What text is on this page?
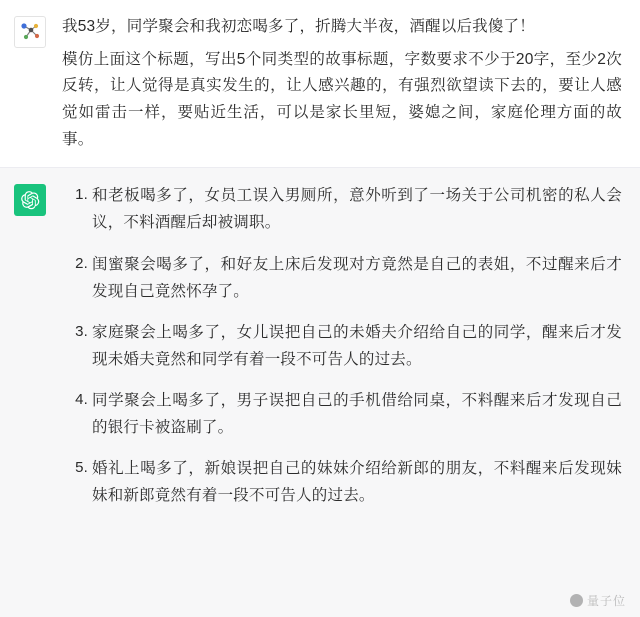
我53岁，同学聚会和我初恋喝多了，折腾大半夜，酒醒以后我傻了！

模仿上面这个标题，写出5个同类型的故事标题，字数要求不少于20字，至少2次反转，让人觉得是真实发生的，让人感兴趣的，有强烈欲望读下去的，要让人感觉如雷击一样，要贴近生活，可以是家长里短，婆媳之间，家庭伦理方面的故事。

和老板喝多了，女员工误入男厕所，意外听到了一场关于公司机密的私人会议，不料酒醒后却被调职。
闺蜜聚会喝多了，和好友上床后发现对方竟然是自己的表姐，不过醒来后才发现自己竟然怀孕了。
家庭聚会上喝多了，女儿误把自己的未婚夫介绍给自己的同学，醒来后才发现未婚夫竟然和同学有着一段不可告人的过去。
同学聚会上喝多了，男子误把自己的手机借给同桌，不料醒来后才发现自己的银行卡被盗刷了。
婚礼上喝多了，新娘误把自己的妹妹介绍给新郎的朋友，不料醒来后发现妹妹和新郎竟然有着一段不可告人的过去。
量子位
